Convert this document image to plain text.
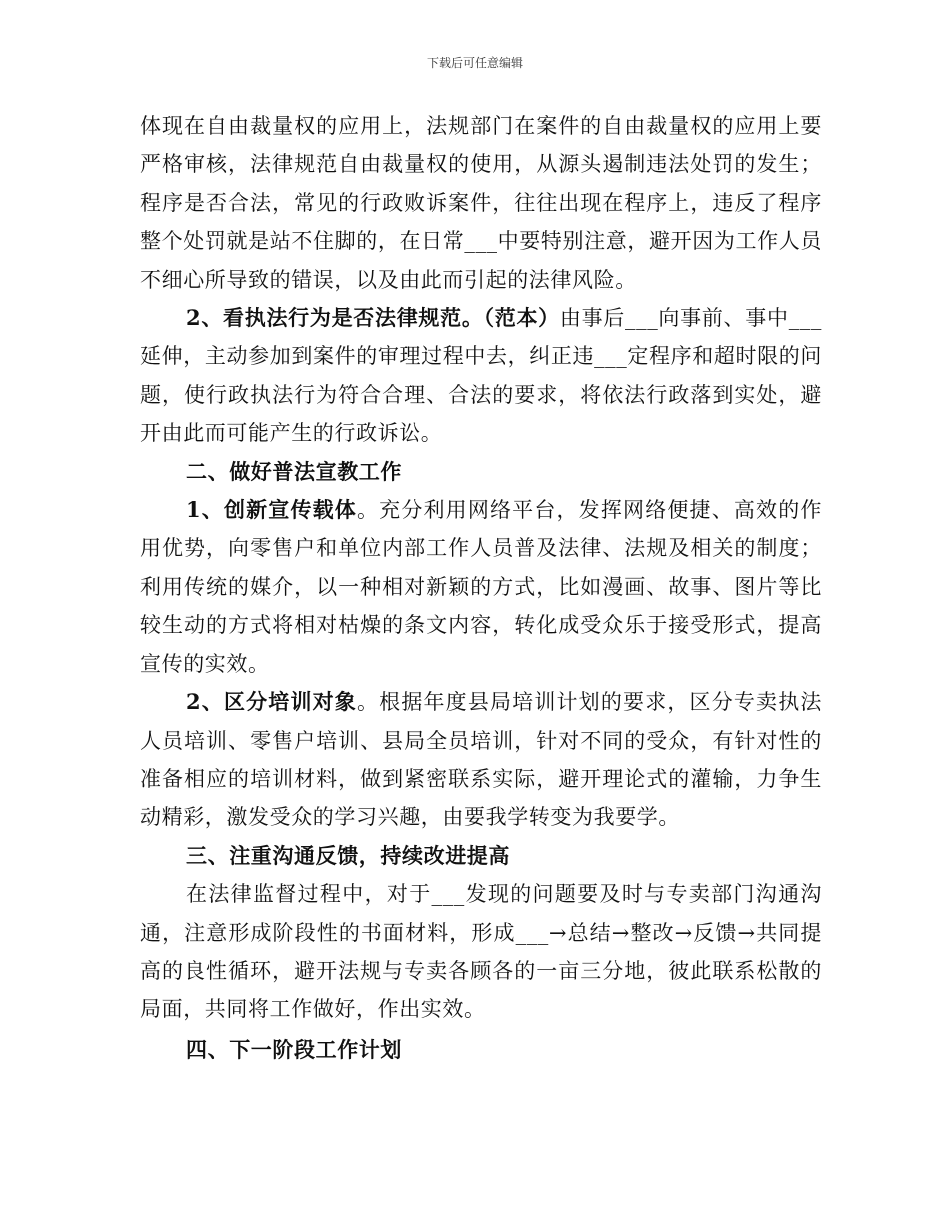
下载后可任意编辑

体现在自由裁量权的应用上，法规部门在案件的自由裁量权的应用上要严格审核，法律规范自由裁量权的使用，从源头遏制违法处罚的发生；程序是否合法，常见的行政败诉案件，往往出现在程序上，违反了程序整个处罚就是站不住脚的，在日常___中要特别注意，避开因为工作人员不细心所导致的错误，以及由此而引起的法律风险。

2、看执法行为是否法律规范。（范本）由事后___向事前、事中___延伸，主动参加到案件的审理过程中去，纠正违___定程序和超时限的问题，使行政执法行为符合合理、合法的要求，将依法行政落到实处，避开由此而可能产生的行政诉讼。

二、做好普法宣教工作

1、创新宣传载体。充分利用网络平台，发挥网络便捷、高效的作用优势，向零售户和单位内部工作人员普及法律、法规及相关的制度；利用传统的媒介，以一种相对新颖的方式，比如漫画、故事、图片等比较生动的方式将相对枯燥的条文内容，转化成受众乐于接受形式，提高宣传的实效。

2、区分培训对象。根据年度县局培训计划的要求，区分专卖执法人员培训、零售户培训、县局全员培训，针对不同的受众，有针对性的准备相应的培训材料，做到紧密联系实际，避开理论式的灌输，力争生动精彩，激发受众的学习兴趣，由要我学转变为我要学。

三、注重沟通反馈，持续改进提高

在法律监督过程中，对于___发现的问题要及时与专卖部门沟通沟通，注意形成阶段性的书面材料，形成___→总结→整改→反馈→共同提高的良性循环，避开法规与专卖各顾各的一亩三分地，彼此联系松散的局面，共同将工作做好，作出实效。

四、下一阶段工作计划
